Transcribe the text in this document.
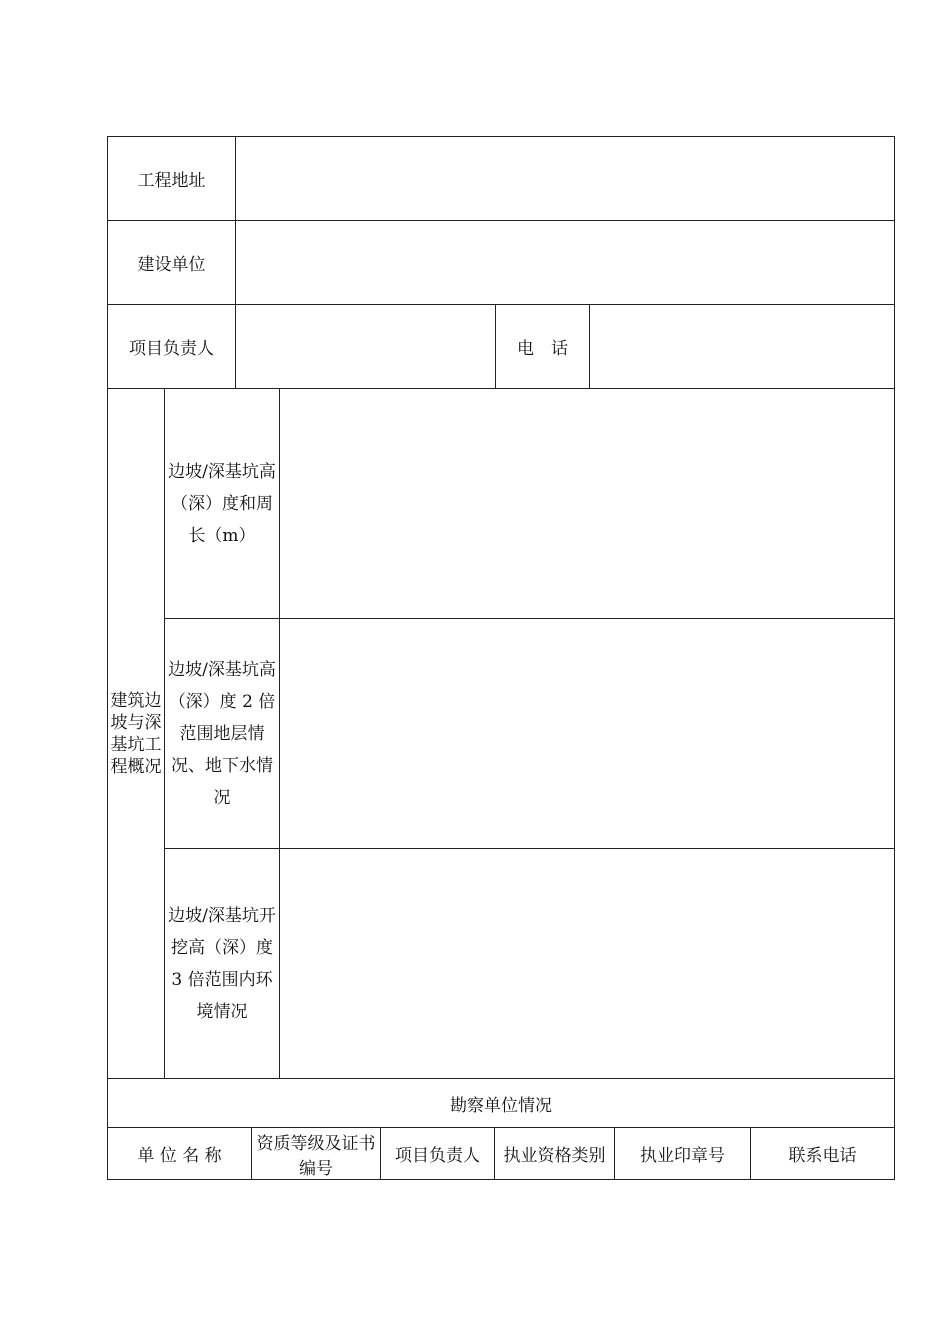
工程地址									
建设单位									
项目负责人						电　话			
建筑边坡与深基坑工程概况	边坡/深基坑高（深）度和周长（m）								
	边坡/深基坑高（深）度 2 倍范围地层情况、地下水情况								
	边坡/深基坑开挖高（深）度 3 倍范围内环境情况								
勘察单位情况									
单 位 名 称			资质等级及证书编号		项目负责人	执业资格类别		执业印章号	联系电话
